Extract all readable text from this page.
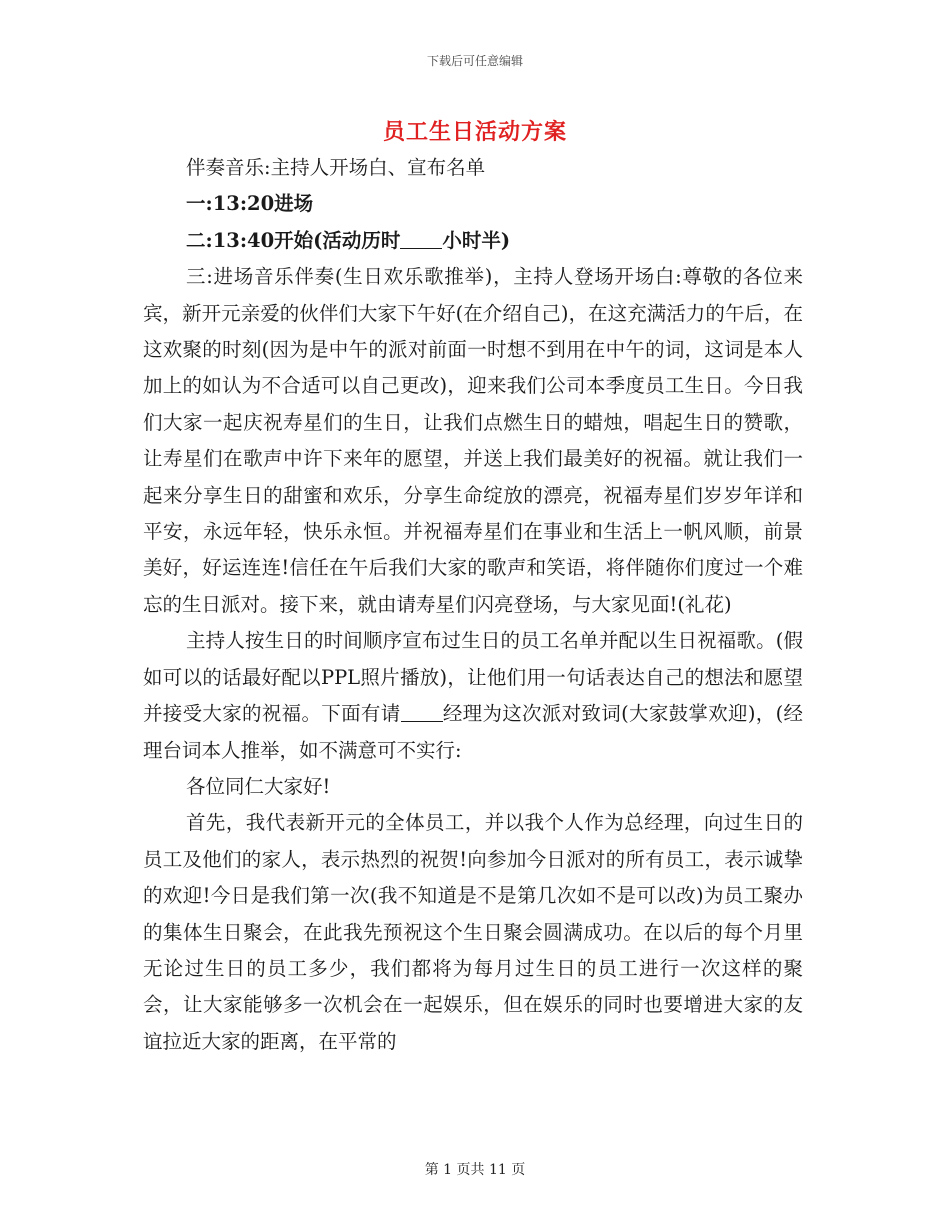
下载后可任意编辑
员工生日活动方案

伴奏音乐:主持人开场白、宣布名单

一:13:20进场

二:13:40开始(活动历时 小时半)

三:进场音乐伴奏(生日欢乐歌推举)，主持人登场开场白:尊敬的各位来宾，新开元亲爱的伙伴们大家下午好(在介绍自己)，在这充满活力的午后，在这欢聚的时刻(因为是中午的派对前面一时想不到用在中午的词，这词是本人加上的如认为不合适可以自己更改)，迎来我们公司本季度员工生日。今日我们大家一起庆祝寿星们的生日，让我们点燃生日的蜡烛，唱起生日的赞歌，让寿星们在歌声中许下来年的愿望，并送上我们最美好的祝福。就让我们一起来分享生日的甜蜜和欢乐，分享生命绽放的漂亮，祝福寿星们岁岁年详和平安，永远年轻，快乐永恒。并祝福寿星们在事业和生活上一帆风顺，前景美好，好运连连!信任在午后我们大家的歌声和笑语，将伴随你们度过一个难忘的生日派对。接下来，就由请寿星们闪亮登场，与大家见面!(礼花)

主持人按生日的时间顺序宣布过生日的员工名单并配以生日祝福歌。(假如可以的话最好配以PPL照片播放)，让他们用一句话表达自己的想法和愿望并接受大家的祝福。下面有请 经理为这次派对致词(大家鼓掌欢迎)，(经理台词本人推举，如不满意可不实行:

各位同仁大家好!

首先，我代表新开元的全体员工，并以我个人作为总经理，向过生日的员工及他们的家人，表示热烈的祝贺!向参加今日派对的所有员工，表示诚挚的欢迎!今日是我们第一次(我不知道是不是第几次如不是可以改)为员工聚办的集体生日聚会，在此我先预祝这个生日聚会圆满成功。在以后的每个月里无论过生日的员工多少，我们都将为每月过生日的员工进行一次这样的聚会，让大家能够多一次机会在一起娱乐，但在娱乐的同时也要增进大家的友谊拉近大家的距离，在平常的

第 1 页共 11 页
